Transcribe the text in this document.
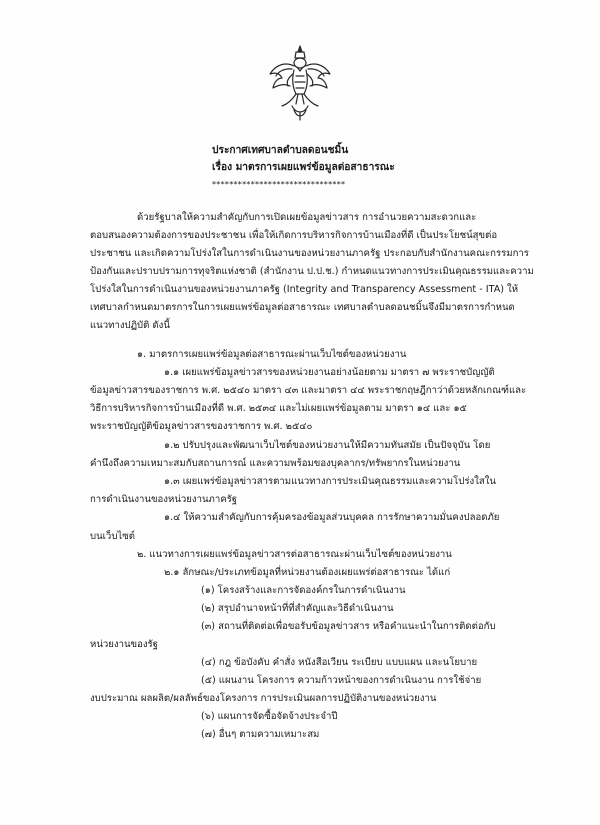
ประกาศเทศบาลตำบลดอนชมิ้น
เรื่อง มาตรการเผยแพร่ข้อมูลต่อสาธารณะ
*******************************
ด้วยรัฐบาลให้ความสำคัญกับการเปิดเผยข้อมูลข่าวสาร การอำนวยความสะดวกและ
ตอบสนองความต้องการของประชาชน เพื่อให้เกิดการบริหารกิจการบ้านเมืองที่ดี เป็นประโยชน์สุขต่อ
ประชาชน และเกิดความโปร่งใสในการดำเนินงานของหน่วยงานภาครัฐ ประกอบกับสำนักงานคณะกรรมการ
ป้องกันและปราบปรามการทุจริตแห่งชาติ (สำนักงาน ป.ป.ช.) กำหนดแนวทางการประเมินคุณธรรมและความ
โปร่งใสในการดำเนินงานของหน่วยงานภาครัฐ (Integrity and Transparency Assessment - ITA) ให้
เทศบาลกำหนดมาตรการในการเผยแพร่ข้อมูลต่อสาธารณะ เทศบาลตำบลดอนชมิ้นจึงมีมาตรการกำหนด
แนวทางปฏิบัติ ดังนี้
๑. มาตรการเผยแพร่ข้อมูลต่อสาธารณะผ่านเว็บไซต์ของหน่วยงาน
๑.๑ เผยแพร่ข้อมูลข่าวสารของหน่วยงานอย่างน้อยตาม มาตรา ๗ พระราชบัญญัติ
ข้อมูลข่าวสารของราชการ พ.ศ. ๒๕๔๐ มาตรา ๔๓ และมาตรา ๔๔ พระราชกฤษฎีกาว่าด้วยหลักเกณฑ์และ
วิธีการบริหารกิจการบ้านเมืองที่ดี พ.ศ. ๒๕๓๔ และไม่เผยแพร่ข้อมูลตาม มาตรา ๑๔ และ ๑๕
พระราชบัญญัติข้อมูลข่าวสารของราชการ พ.ศ. ๒๕๔๐
๑.๒ ปรับปรุงและพัฒนาเว็บไซต์ของหน่วยงานให้มีความทันสมัย เป็นปัจจุบัน โดย
คำนึงถึงความเหมาะสมกับสถานการณ์ และความพร้อมของบุคลากร/ทรัพยากรในหน่วยงาน
๑.๓ เผยแพร่ข้อมูลข่าวสารตามแนวทางการประเมินคุณธรรมและความโปร่งใสใน
การดำเนินงานของหน่วยงานภาครัฐ
๑.๔ ให้ความสำคัญกับการคุ้มครองข้อมูลส่วนบุคคล การรักษาความมั่นคงปลอดภัย
บนเว็บไซต์
๒. แนวทางการเผยแพร่ข้อมูลข่าวสารต่อสาธารณะผ่านเว็บไซต์ของหน่วยงาน
๒.๑ ลักษณะ/ประเภทข้อมูลที่หน่วยงานต้องเผยแพร่ต่อสาธารณะ ได้แก่
(๑) โครงสร้างและการจัดองค์กรในการดำเนินงาน
(๒) สรุปอำนาจหน้าที่ที่สำคัญและวิธีดำเนินงาน
(๓) สถานที่ติดต่อเพื่อขอรับข้อมูลข่าวสาร หรือคำแนะนำในการติดต่อกับ
หน่วยงานของรัฐ
(๔) กฎ ข้อบังคับ คำสั่ง หนังสือเวียน ระเบียบ แบบแผน และนโยบาย
(๕) แผนงาน โครงการ ความก้าวหน้าของการดำเนินงาน การใช้จ่าย
งบประมาณ ผลผลิต/ผลลัพธ์ของโครงการ การประเมินผลการปฏิบัติงานของหน่วยงาน
(๖) แผนการจัดซื้อจัดจ้างประจำปี
(๗) อื่นๆ ตามความเหมาะสม
